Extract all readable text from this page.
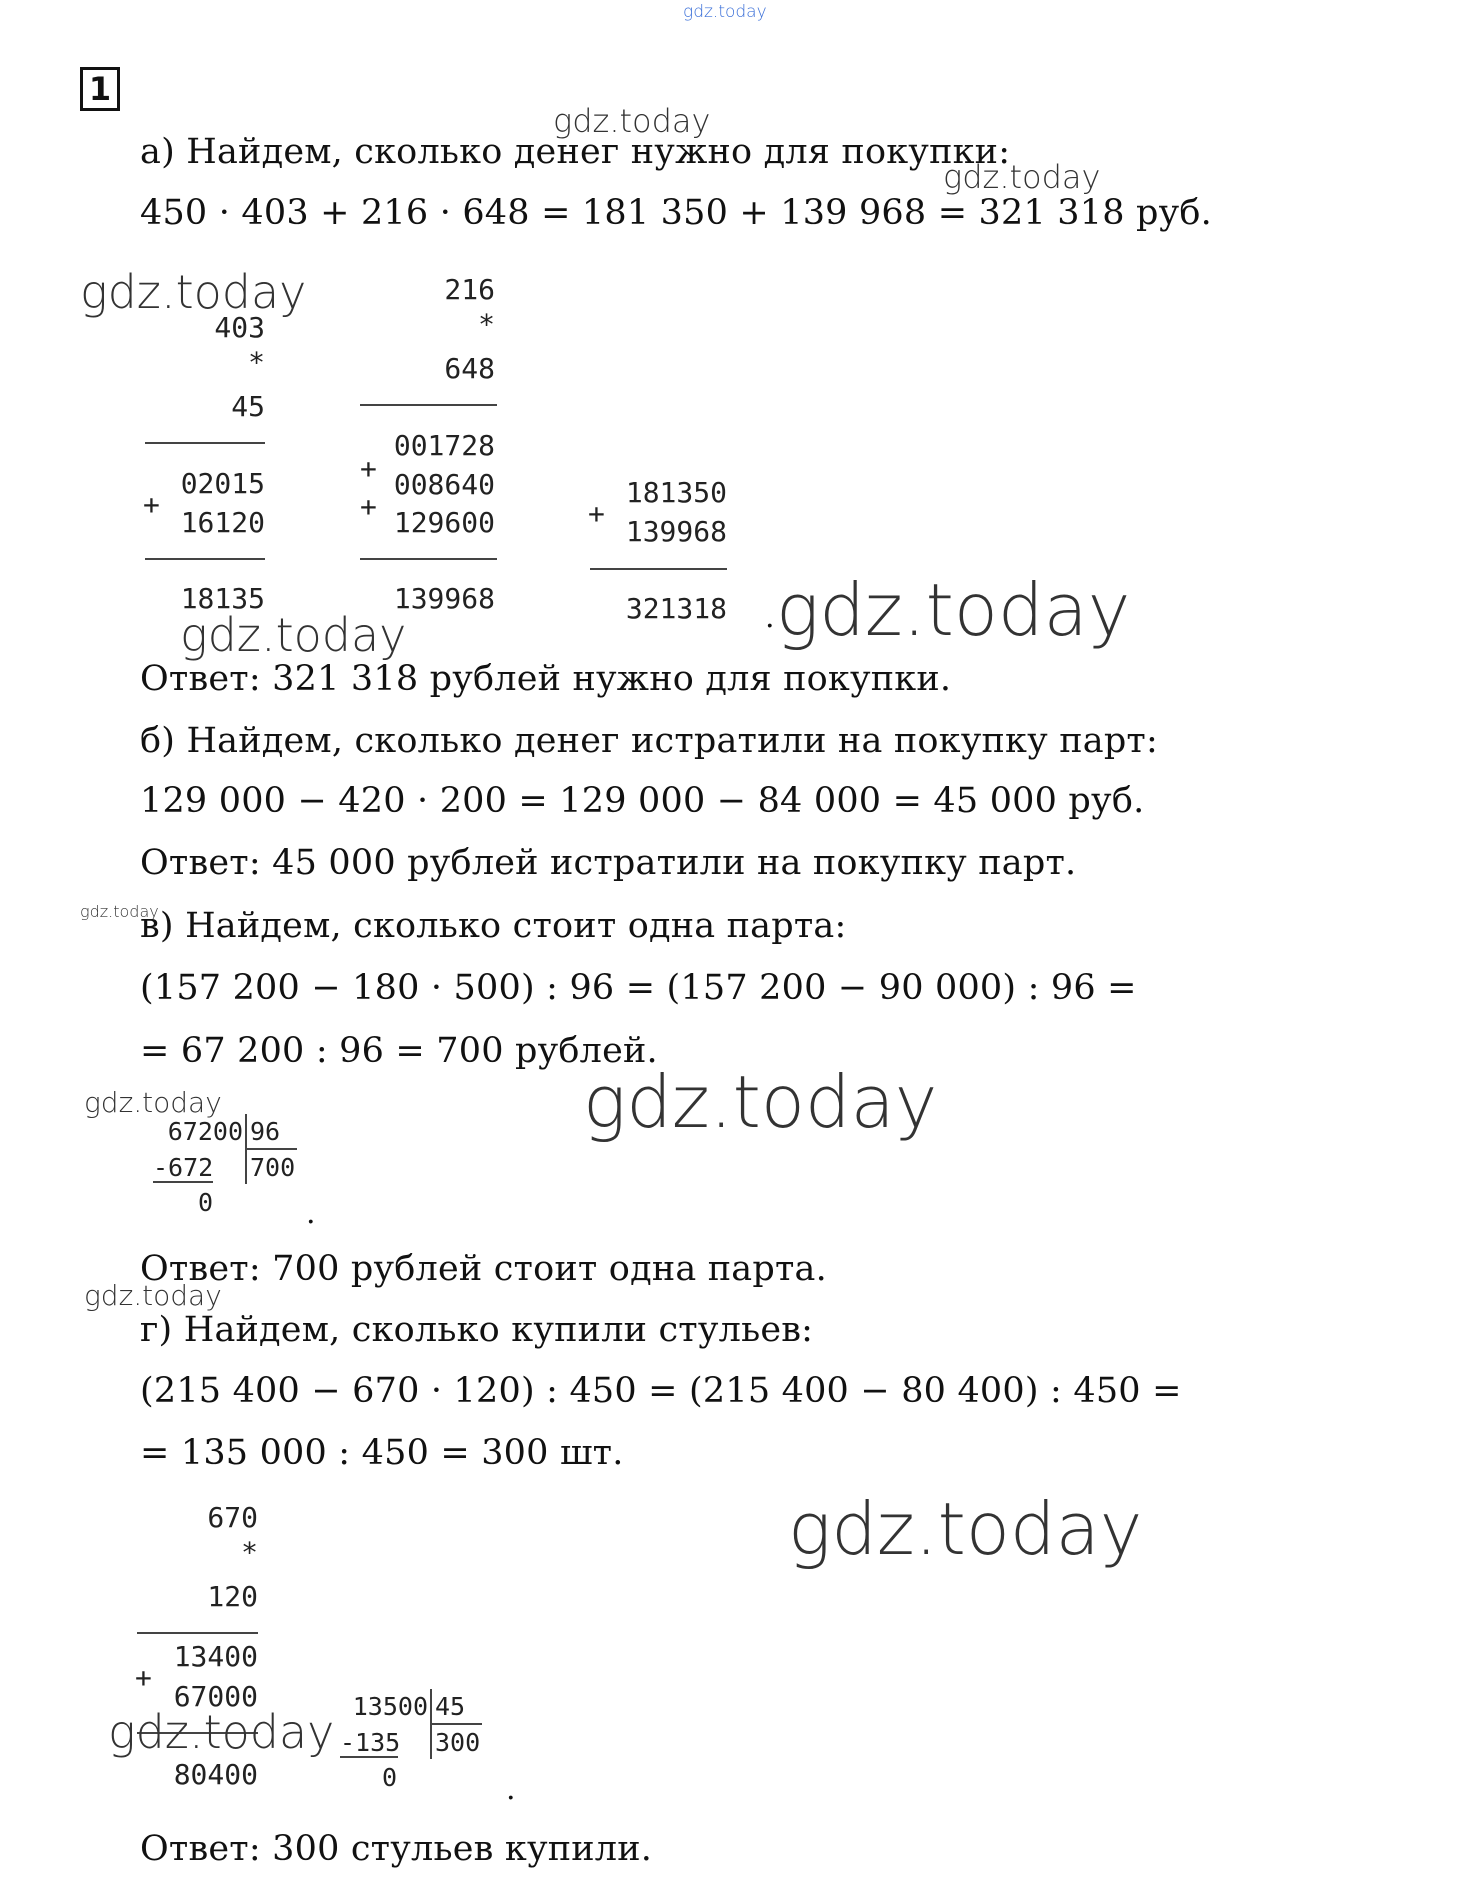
gdz.today
1
gdz.today
а) Найдем, сколько денег нужно для покупки:
gdz.today
450 · 403 + 216 · 648 = 181 350 + 139 968 = 321 318 руб.
gdz.today
403
*
45
+
02015
16120
18135
216
*
648
001728
+ 008640
+ 129600
139968
181350
+
139968
321318 . gdz.today
gdz.today
Ответ: 321 318 рублей нужно для покупки.
б) Найдем, сколько денег истратили на покупку парт:
129 000 − 420 · 200 = 129 000 − 84 000 = 45 000 руб.
Ответ: 45 000 рублей истратили на покупку парт.
gdz.today
в) Найдем, сколько стоит одна парта:
(157 200 − 180 · 500) : 96 = (157 200 − 90 000) : 96 =
= 67 200 : 96 = 700 рублей.
gdz.today	gdz.today
67200 96
-672 700
0	.
Ответ: 700 рублей стоит одна парта.
gdz.today
г) Найдем, сколько купили стульев:
(215 400 − 670 · 120) : 450 = (215 400 − 80 400) : 450 =
= 135 000 : 450 = 300 шт.
gdz.today
670
*
120
13400
+
67000
80400
13500 45
-135 300
0	.
gdz.today
Ответ: 300 стульев купили.
